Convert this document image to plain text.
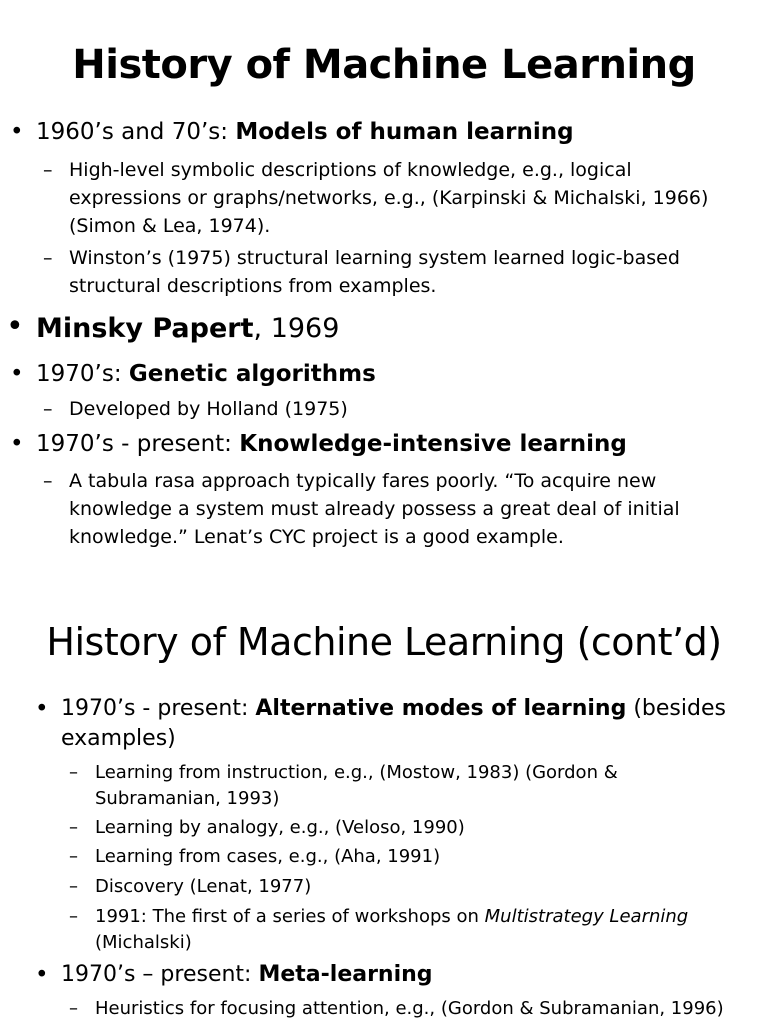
History of Machine Learning
• 1960’s and 70’s: Models of human learning
– High-level symbolic descriptions of knowledge, e.g., logical expressions or graphs/networks, e.g., (Karpinski & Michalski, 1966) (Simon & Lea, 1974).
– Winston’s (1975) structural learning system learned logic-based structural descriptions from examples.
• Minsky Papert, 1969
• 1970’s: Genetic algorithms
– Developed by Holland (1975)
• 1970’s - present: Knowledge-intensive learning
– A tabula rasa approach typically fares poorly. “To acquire new knowledge a system must already possess a great deal of initial knowledge.” Lenat’s CYC project is a good example.
History of Machine Learning (cont’d)
• 1970’s - present: Alternative modes of learning (besides examples)
– Learning from instruction, e.g., (Mostow, 1983) (Gordon & Subramanian, 1993)
– Learning by analogy, e.g., (Veloso, 1990)
– Learning from cases, e.g., (Aha, 1991)
– Discovery (Lenat, 1977)
– 1991: The first of a series of workshops on Multistrategy Learning (Michalski)
• 1970’s – present: Meta-learning
– Heuristics for focusing attention, e.g., (Gordon & Subramanian, 1996)
